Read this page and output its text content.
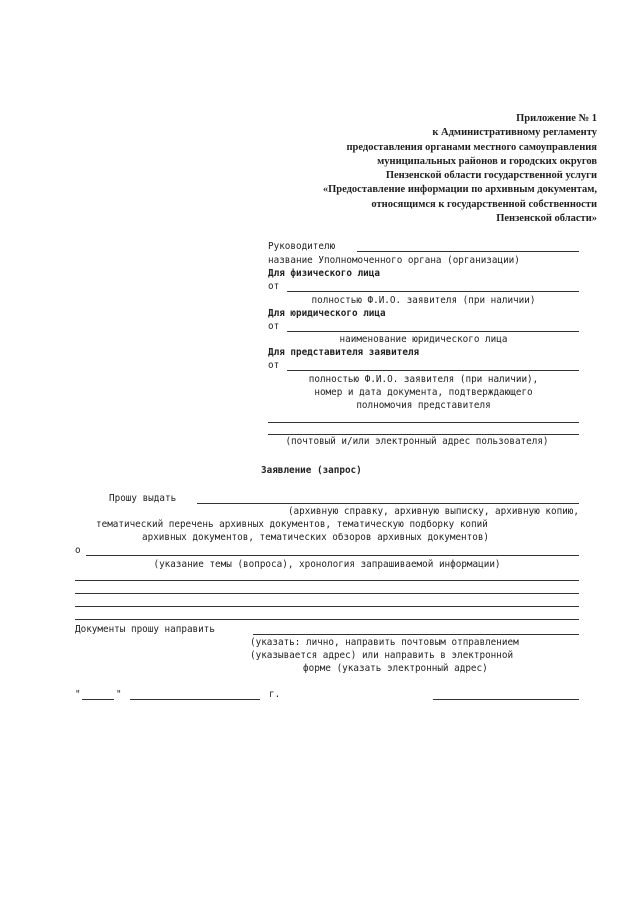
Приложение № 1
к Административному регламенту
предоставления органами местного самоуправления
муниципальных районов и городских округов
Пензенской области государственной услуги
«Предоставление информации по архивным документам,
относящимся к государственной собственности
Пензенской области»
Руководителю
название Уполномоченного органа (организации)
Для физического лица
от
полностью Ф.И.О. заявителя (при наличии)
Для юридического лица
от
наименование юридического лица
Для представителя заявителя
от
полностью Ф.И.О. заявителя (при наличии),
номер и дата документа, подтверждающего
полномочия представителя
(почтовый и/или электронный адрес пользователя)
Заявление (запрос)
Прошу выдать
(архивную справку, архивную выписку, архивную копию,
тематический перечень архивных документов, тематическую подборку копий
архивных документов, тематических обзоров архивных документов)
о
(указание темы (вопроса), хронология запрашиваемой информации)
Документы прошу направить
(указать: лично, направить почтовым отправлением
(указывается адрес) или направить в электронной
форме (указать электронный адрес)
"	"	г.
